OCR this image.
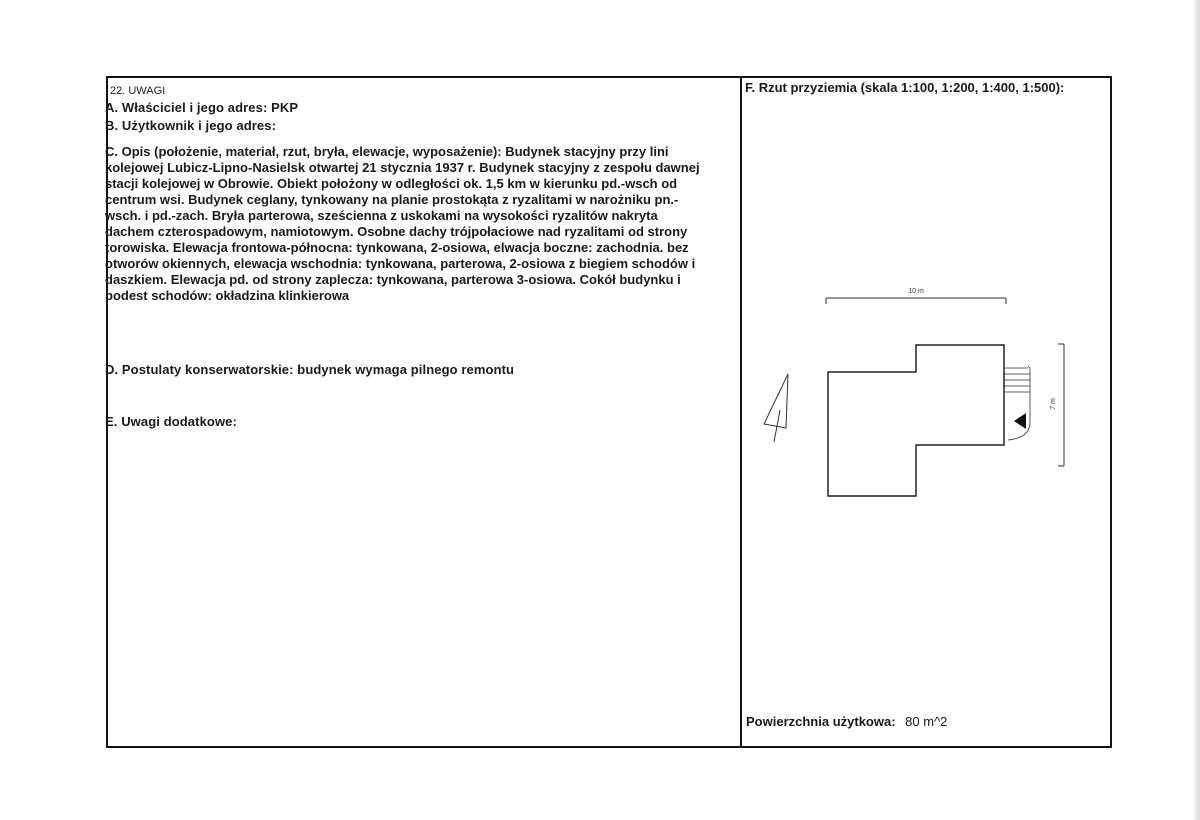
22. UWAGI
A. Właściciel i jego adres: PKP
B. Użytkownik i jego adres:
C. Opis (położenie, materiał, rzut, bryła, elewacje, wyposażenie): Budynek stacyjny przy lini
kolejowej Lubicz-Lipno-Nasielsk otwartej 21 stycznia 1937 r. Budynek stacyjny z zespołu dawnej
stacji kolejowej w Obrowie. Obiekt położony w odległości ok. 1,5 km w kierunku pd.-wsch od
centrum wsi. Budynek ceglany, tynkowany na planie prostokąta z ryzalitami w narożniku pn.-
wsch. i pd.-zach. Bryła parterowa, sześcienna z uskokami na wysokości ryzalitów nakryta
dachem czterospadowym, namiotowym. Osobne dachy trójpołaciowe nad ryzalitami od strony
torowiska. Elewacja frontowa-północna: tynkowana, 2-osiowa, elwacja boczne: zachodnia. bez
otworów okiennych, elewacja wschodnia: tynkowana, parterowa, 2-osiowa z biegiem schodów i
daszkiem. Elewacja pd. od strony zaplecza: tynkowana, parterowa 3-osiowa. Cokół budynku i
podest schodów: okładzina klinkierowa
D. Postulaty konserwatorskie: budynek wymaga pilnego remontu
E. Uwagi dodatkowe:
F. Rzut przyziemia (skala 1:100, 1:200, 1:400, 1:500):
10 m
7 m
Powierzchnia użytkowa: 80 m^2
